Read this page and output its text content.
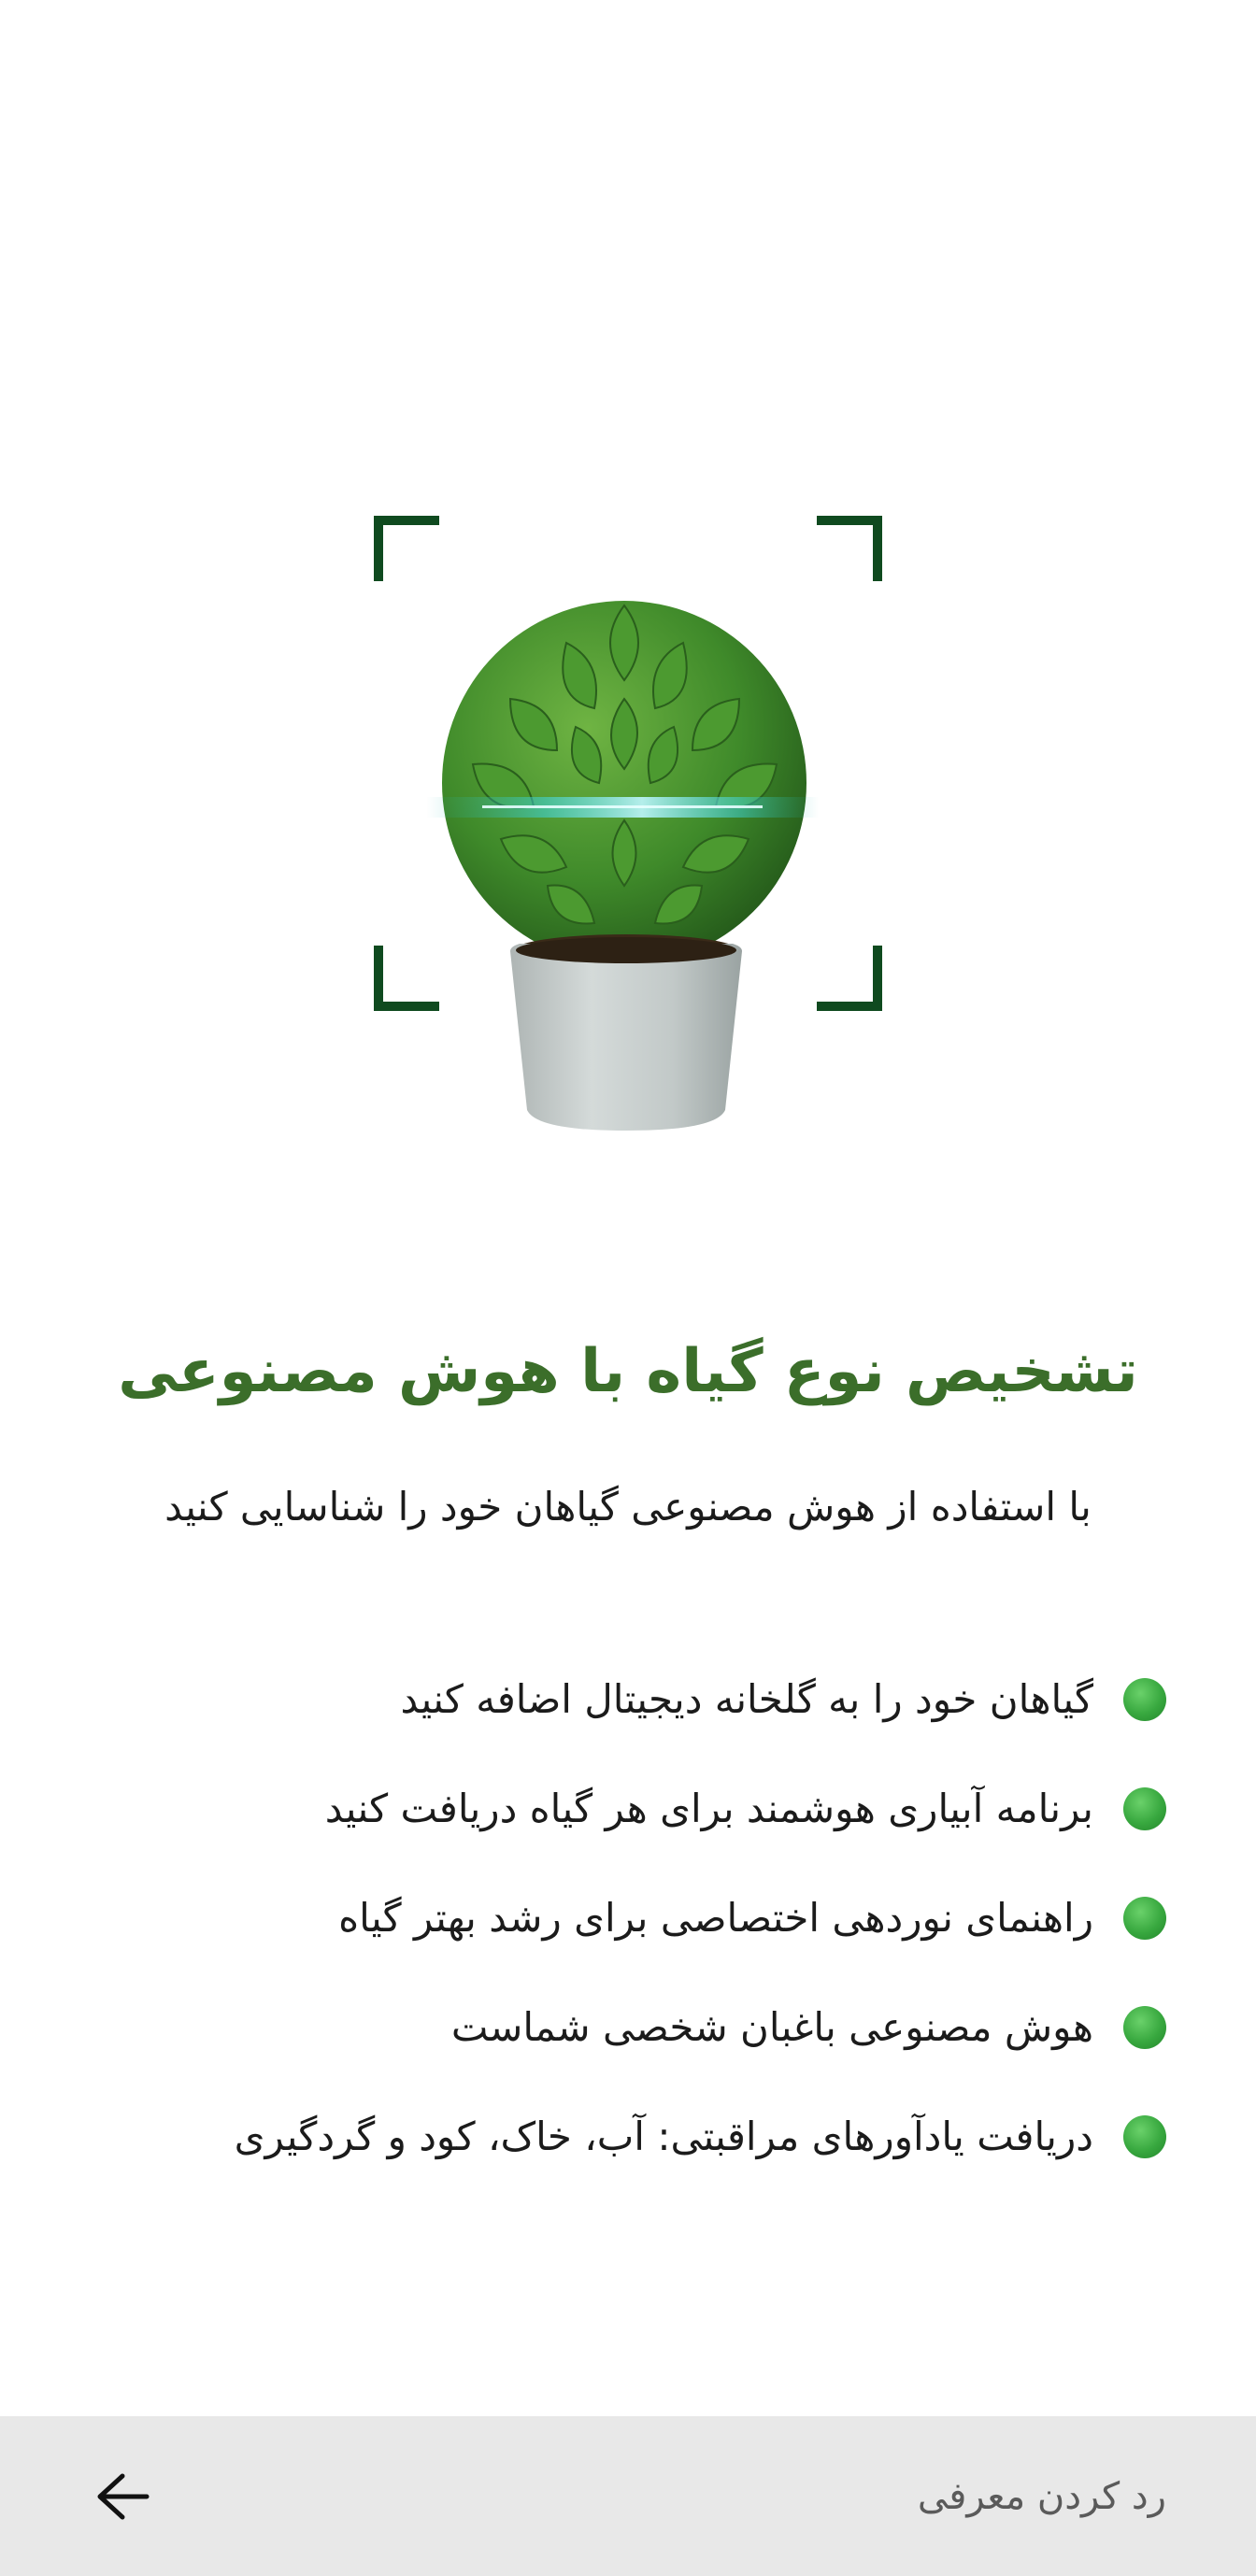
تشخیص نوع گیاه با هوش مصنوعی

با استفاده از هوش مصنوعی گیاهان خود را شناسایی کنید

گیاهان خود را به گلخانه دیجیتال اضافه کنید
برنامه آبیاری هوشمند برای هر گیاه دریافت کنید
راهنمای نوردهی اختصاصی برای رشد بهتر گیاه
هوش مصنوعی باغبان شخصی شماست
دریافت یادآورهای مراقبتی: آب، خاک، کود و گردگیری
رد کردن معرفی
